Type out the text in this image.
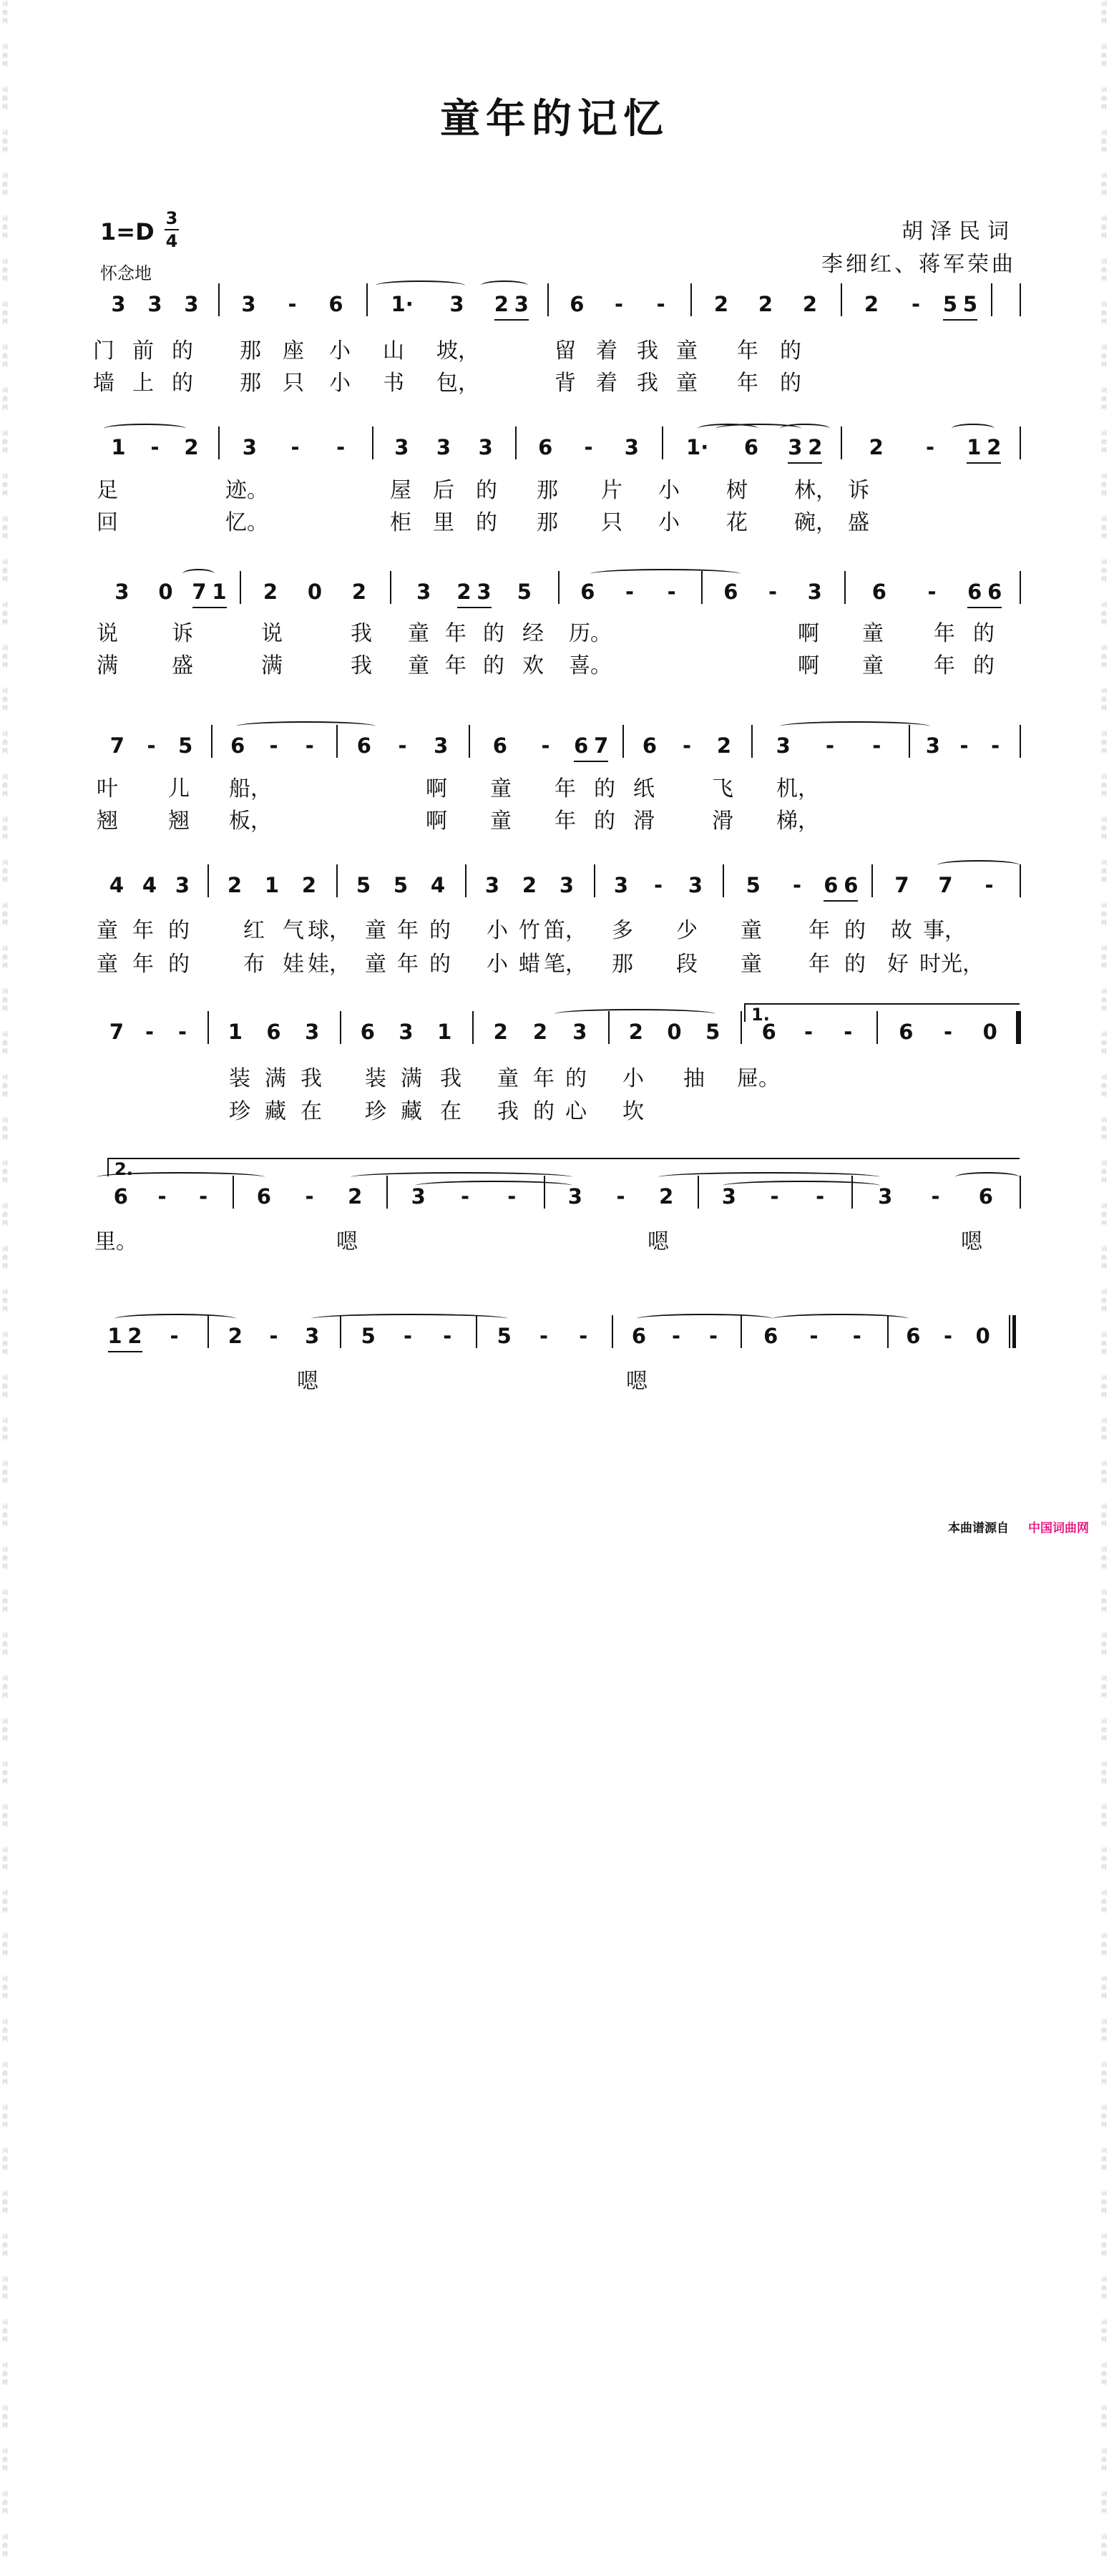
词
曲
网
词
曲
网
词
曲
网
词
曲
网
词
曲
网
词
曲
网
词
曲
网
词
曲
网
词
曲
网
词
曲
网
词
曲
网
词
曲
网
词
曲
网
词
曲
网
词
曲
网
词
曲
网
词
曲
网
词
曲
网
词
曲
网
词
曲
网
词
曲
网
词
曲
网
词
曲
网
词
曲
网
词
曲
网
词
曲
网
词
曲
网
词
曲
网
词
曲
网
词
曲
网
词
曲
网
词
曲
网
词
曲
网
词
曲
网
词
曲
网
词
曲
网
词
曲
网
词
曲
网
词
曲
网
词
曲
网
词
曲
网
词
曲
网
词
曲
网
词
曲
网
词
曲
网
词
曲
网
词
曲
网
词
曲
网
词
曲
网
词
曲
网
词
曲
网
词
曲
网
词
曲
网
词
曲
网
词
曲
网
词
曲
网
词
曲
网
词
曲
网
词
曲
网
词
曲
网
词
曲
网
词
曲
网
词
曲
网
词
曲
网
词
曲
网
词
曲
网
词
曲
网
词
曲
网
词
曲
网
词
曲
网
词
曲
网
词
曲
网
词
曲
网
词
曲
网
词
曲
网
词
曲
网
词
曲
网
词
曲
网
词
曲
网
词
曲
网
词
曲
网
词
曲
网
词
曲
网
词
曲
网
词
曲
网
词
曲
网
词
曲
网
词
曲
网
词
曲
网
词
曲
网
词
曲
网
词
曲
网
词
曲
网
词
曲
网
词
曲
网
词
曲
网
词
曲
网
词
曲
网
词
曲
网
词
曲
网
词
曲
网
词
曲
网
词
曲
网
词
曲
网
词
曲
网
词
曲
网
词
曲
网
词
曲
网
词
曲
网
词
曲
网
词
曲
网
词
曲
网
词
曲
网
词
曲
网
词
曲
网
词
曲
网
词
曲
网
词
曲
网
词
曲
网
词
曲
网
童年的记忆
1=D 3
4
怀念地
胡泽民词
李细红、蒋军荣曲
3 3 3 3 - 6 1· 3 2 3 6 - - 2 2 2 2 - 5 5
门 前 的 那 座 小 山 坡，	留 着 我 童 年 的
墙 上 的 那 只 小 书 包，	背 着 我 童 年 的
1 - 2 3 - - 3 3 3 6 - 3 1· 6 3 2 2 - 1 2
足	迹。	屋 后 的 那 片 小 树 林， 诉
回	忆。	柜 里 的 那 只 小 花 碗， 盛
3 0 7 1 2 0 2 3 2 3 5 6 - - 6 - 3 6 - 6 6
说	诉	说	我 童 年 的 经 历。	啊 童 年 的
满	盛	满	我 童 年 的 欢 喜。	啊 童 年 的
7 - 5 6 - - 6 - 3 6 - 6 7 6 - 2 3 - - 3 - -
叶 儿 船，	啊 童 年 的 纸	飞 机，
翘 翘 板，	啊 童 年 的 滑	滑 梯，
4 4 3 2 1 2 5 5 4 3 2 3 3 - 3 5 - 6 6 7 7 -
童 年 的	红 气 球， 童 年 的 小 竹 笛， 多 少 童 年 的 故 事，
童 年 的	布 娃 娃， 童 年 的 小 蜡 笔， 那 段 童 年 的 好 时 光，
7 - - 1 6 3 6 3 1 2 2 3 2 0 5 6 - - 6 - 0
装 满 我 装 满 我 童 年 的 小 抽 屉。
珍 藏 在 珍 藏 在 我 的 心 坎
6 - - 6 - 2 3 - - 3 - 2 3 - -	3 - 6
里。	嗯	嗯	嗯
1 2 - 2 - 3 5 - - 5 - - 6 - - 6 - - 6 - 0
嗯	嗯
1.
2.
本曲谱源自 中国词曲网
